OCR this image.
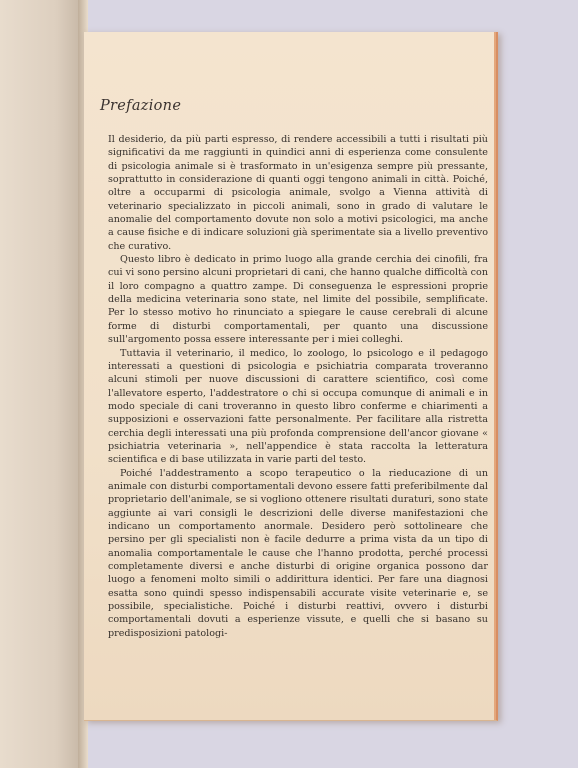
Prefazione

Il desiderio, da più parti espresso, di rendere accessibili a tutti i risultati più significativi da me raggiunti in quindici anni di esperienza come consulente di psicologia animale si è trasformato in un'esigenza sempre più pressante, soprattutto in considerazione di quanti oggi tengono animali in città. Poiché, oltre a occuparmi di psicologia animale, svolgo a Vienna attività di veterinario specializzato in piccoli animali, sono in grado di valutare le anomalie del comportamento dovute non solo a motivi psicologici, ma anche a cause fisiche e di indicare soluzioni già sperimentate sia a livello preventivo che curativo.

Questo libro è dedicato in primo luogo alla grande cerchia dei cinofili, fra cui vi sono persino alcuni proprietari di cani, che hanno qualche difficoltà con il loro compagno a quattro zampe. Di conseguenza le espressioni proprie della medicina veterinaria sono state, nel limite del possibile, semplificate. Per lo stesso motivo ho rinunciato a spiegare le cause cerebrali di alcune forme di disturbi comportamentali, per quanto una discussione sull'argomento possa essere interessante per i miei colleghi.

Tuttavia il veterinario, il medico, lo zoologo, lo psicologo e il pedagogo interessati a questioni di psicologia e psichiatria comparata troveranno alcuni stimoli per nuove discussioni di carattere scientifico, così come l'allevatore esperto, l'addestratore o chi si occupa comunque di animali e in modo speciale di cani troveranno in questo libro conferme e chiarimenti a supposizioni e osservazioni fatte personalmente. Per facilitare alla ristretta cerchia degli interessati una più profonda comprensione dell'ancor giovane « psichiatria veterinaria », nell'appendice è stata raccolta la letteratura scientifica e di base utilizzata in varie parti del testo.

Poiché l'addestramento a scopo terapeutico o la rieducazione di un animale con disturbi comportamentali devono essere fatti preferibilmente dal proprietario dell'animale, se si vogliono ottenere risultati duraturi, sono state aggiunte ai vari consigli le descrizioni delle diverse manifestazioni che indicano un comportamento anormale. Desidero però sottolineare che persino per gli specialisti non è facile dedurre a prima vista da un tipo di anomalia comportamentale le cause che l'hanno prodotta, perché processi completamente diversi e anche disturbi di origine organica possono dar luogo a fenomeni molto simili o addirittura identici. Per fare una diagnosi esatta sono quindi spesso indispensabili accurate visite veterinarie e, se possibile, specialistiche. Poiché i disturbi reattivi, ovvero i disturbi comportamentali dovuti a esperienze vissute, e quelli che si basano su predisposizioni patologi-
